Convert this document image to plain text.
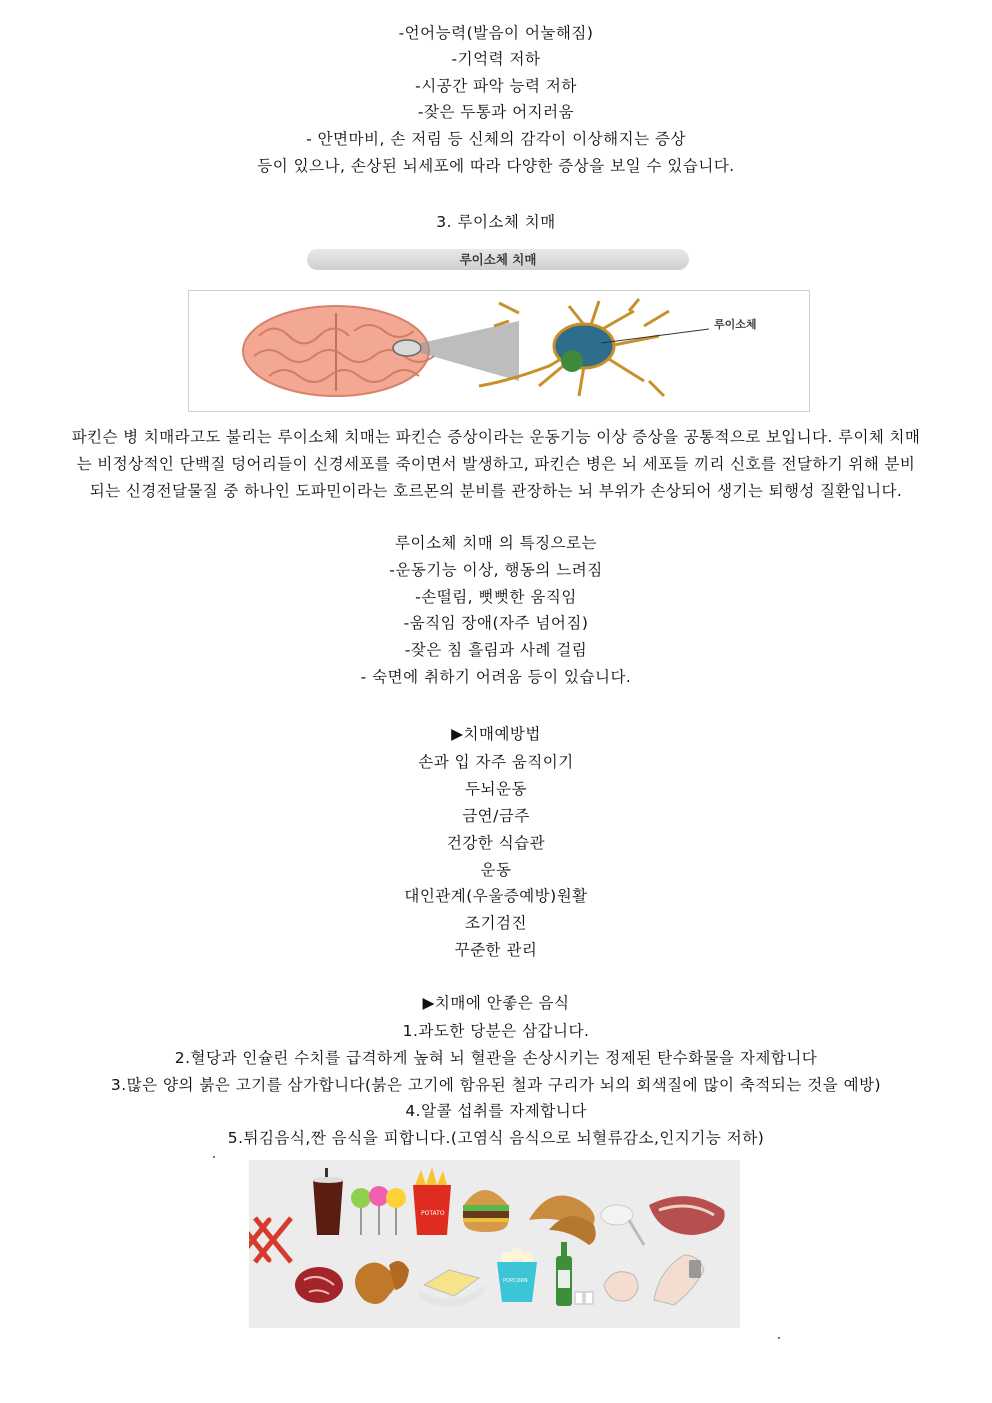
-언어능력(발음이 어눌해짐)
-기억력 저하
-시공간 파악 능력 저하
-잦은 두통과 어지러움
- 안면마비, 손 저림 등 신체의 감각이 이상해지는 증상
등이 있으나, 손상된 뇌세포에 따라 다양한 증상을 보일 수 있습니다.
3. 루이소체 치매
루이소체 치매
루이소체
파킨슨 병 치매라고도 불리는 루이소체 치매는 파킨슨 증상이라는 운동기능 이상 증상을 공통적으로 보입니다. 루이체 치매는 비정상적인 단백질 덩어리들이 신경세포를 죽이면서 발생하고, 파킨슨 병은 뇌 세포들 끼리 신호를 전달하기 위해 분비되는 신경전달물질 중 하나인 도파민이라는 호르몬의 분비를 관장하는 뇌 부위가 손상되어 생기는 퇴행성 질환입니다.
루이소체 치매 의 특징으로는
-운동기능 이상, 행동의 느려짐
-손떨림, 뻣뻣한 움직임
-움직임 장애(자주 넘어짐)
-잦은 침 흘림과 사례 걸림
- 숙면에 취하기 어려움 등이 있습니다.
▶치매예방법
손과 입 자주 움직이기
두뇌운동
금연/금주
건강한 식습관
운동
대인관계(우울증예방)원활
조기검진
꾸준한 관리
▶치매에 안좋은 음식
1.과도한 당분은 삼갑니다.
2.혈당과 인슐린 수치를 급격하게 높혀 뇌 혈관을 손상시키는 정제된 탄수화물을 자제합니다
3.많은 양의 붉은 고기를 삼가합니다(붉은 고기에 함유된 철과 구리가 뇌의 회색질에 많이 축적되는 것을 예방)
4.알콜 섭취를 자제합니다
5.튀김음식,짠 음식을 피합니다.(고염식 음식으로 뇌혈류감소,인지기능 저하)
POTATO
POPCORN
